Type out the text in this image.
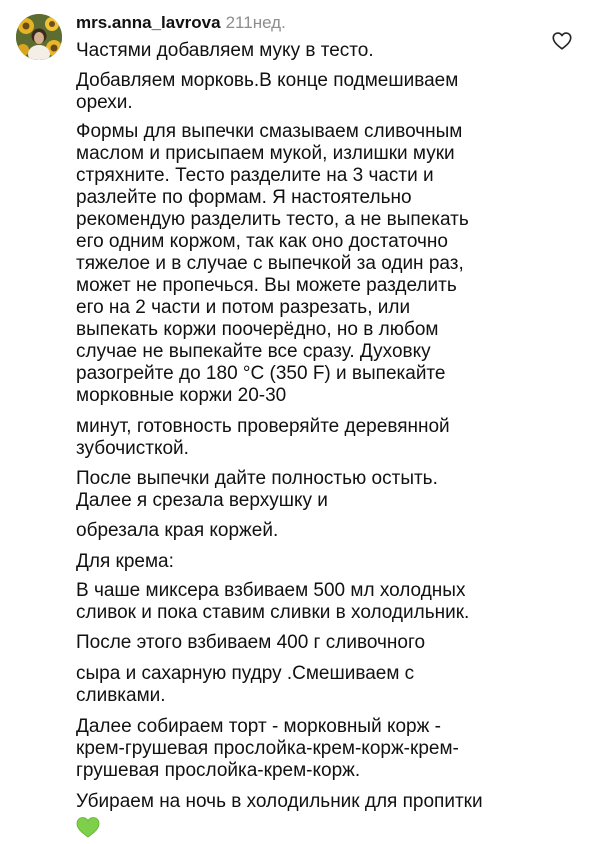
mrs.anna_lavrova 211нед.

Частями добавляем муку в тесто.

Добавляем морковь.В конце подмешиваем
орехи.

Формы для выпечки смазываем сливочным
маслом и присыпаем мукой, излишки муки
стряхните. Тесто разделите на 3 части и
разлейте по формам. Я настоятельно
рекомендую разделить тесто, а не выпекать
его одним коржом, так как оно достаточно
тяжелое и в случае с выпечкой за один раз,
может не пропечься. Вы можете разделить
его на 2 части и потом разрезать, или
выпекать коржи поочерёдно, но в любом
случае не выпекайте все сразу. Духовку
разогрейте до 180 °С (350 F) и выпекайте
морковные коржи 20-30

минут, готовность проверяйте деревянной
зубочисткой.

После выпечки дайте полностью остыть.
Далее я срезала верхушку и

обрезала края коржей.

Для крема:

В чаше миксера взбиваем 500 мл холодных
сливок и пока ставим сливки в холодильник.

После этого взбиваем 400 г сливочного

сыра и сахарную пудру .Смешиваем с
сливками.

Далее собираем торт - морковный корж -
крем-грушевая прослойка-крем-корж-крем-
грушевая прослойка-крем-корж.

Убираем на ночь в холодильник для пропитки
